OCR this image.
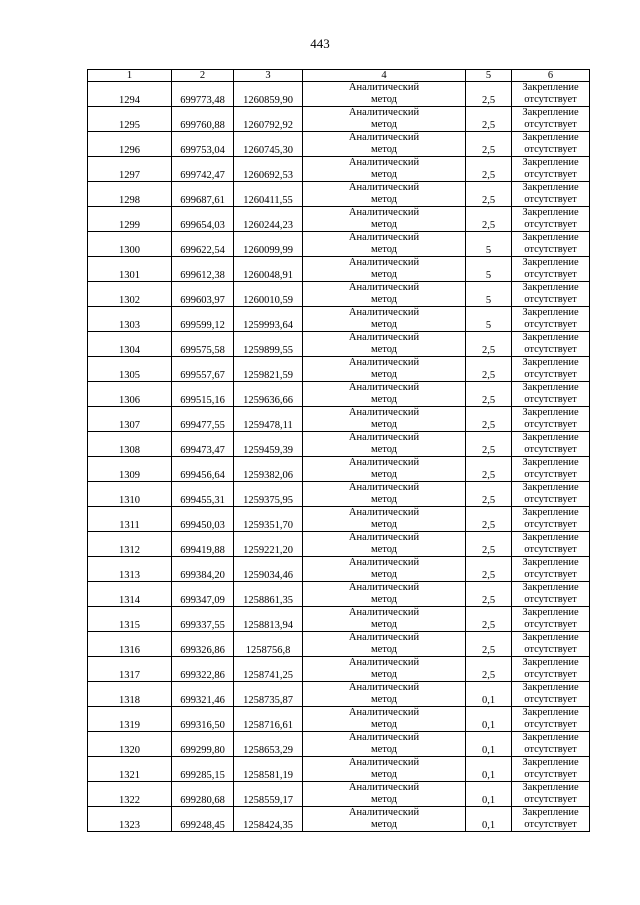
443
1	2	3	4	5	6
1294	699773,48	1260859,90	Аналитический
метод	2,5	Закрепление
отсутствует

1295	699760,88	1260792,92	Аналитический
метод	2,5	Закрепление
отсутствует

1296	699753,04	1260745,30	Аналитический
метод	2,5	Закрепление
отсутствует

1297	699742,47	1260692,53	Аналитический
метод	2,5	Закрепление
отсутствует

1298	699687,61	1260411,55	Аналитический
метод	2,5	Закрепление
отсутствует

1299	699654,03	1260244,23	Аналитический
метод	2,5	Закрепление
отсутствует

1300	699622,54	1260099,99	Аналитический
метод	5	Закрепление
отсутствует

1301	699612,38	1260048,91	Аналитический
метод	5	Закрепление
отсутствует

1302	699603,97	1260010,59	Аналитический
метод	5	Закрепление
отсутствует

1303	699599,12	1259993,64	Аналитический
метод	5	Закрепление
отсутствует

1304	699575,58	1259899,55	Аналитический
метод	2,5	Закрепление
отсутствует

1305	699557,67	1259821,59	Аналитический
метод	2,5	Закрепление
отсутствует

1306	699515,16	1259636,66	Аналитический
метод	2,5	Закрепление
отсутствует

1307	699477,55	1259478,11	Аналитический
метод	2,5	Закрепление
отсутствует

1308	699473,47	1259459,39	Аналитический
метод	2,5	Закрепление
отсутствует

1309	699456,64	1259382,06	Аналитический
метод	2,5	Закрепление
отсутствует

1310	699455,31	1259375,95	Аналитический
метод	2,5	Закрепление
отсутствует

1311	699450,03	1259351,70	Аналитический
метод	2,5	Закрепление
отсутствует

1312	699419,88	1259221,20	Аналитический
метод	2,5	Закрепление
отсутствует

1313	699384,20	1259034,46	Аналитический
метод	2,5	Закрепление
отсутствует

1314	699347,09	1258861,35	Аналитический
метод	2,5	Закрепление
отсутствует

1315	699337,55	1258813,94	Аналитический
метод	2,5	Закрепление
отсутствует

1316	699326,86	1258756,8	Аналитический
метод	2,5	Закрепление
отсутствует

1317	699322,86	1258741,25	Аналитический
метод	2,5	Закрепление
отсутствует

1318	699321,46	1258735,87	Аналитический
метод	0,1	Закрепление
отсутствует

1319	699316,50	1258716,61	Аналитический
метод	0,1	Закрепление
отсутствует

1320	699299,80	1258653,29	Аналитический
метод	0,1	Закрепление
отсутствует

1321	699285,15	1258581,19	Аналитический
метод	0,1	Закрепление
отсутствует

1322	699280,68	1258559,17	Аналитический
метод	0,1	Закрепление
отсутствует

1323	699248,45	1258424,35	Аналитический
метод	0,1	Закрепление
отсутствует
